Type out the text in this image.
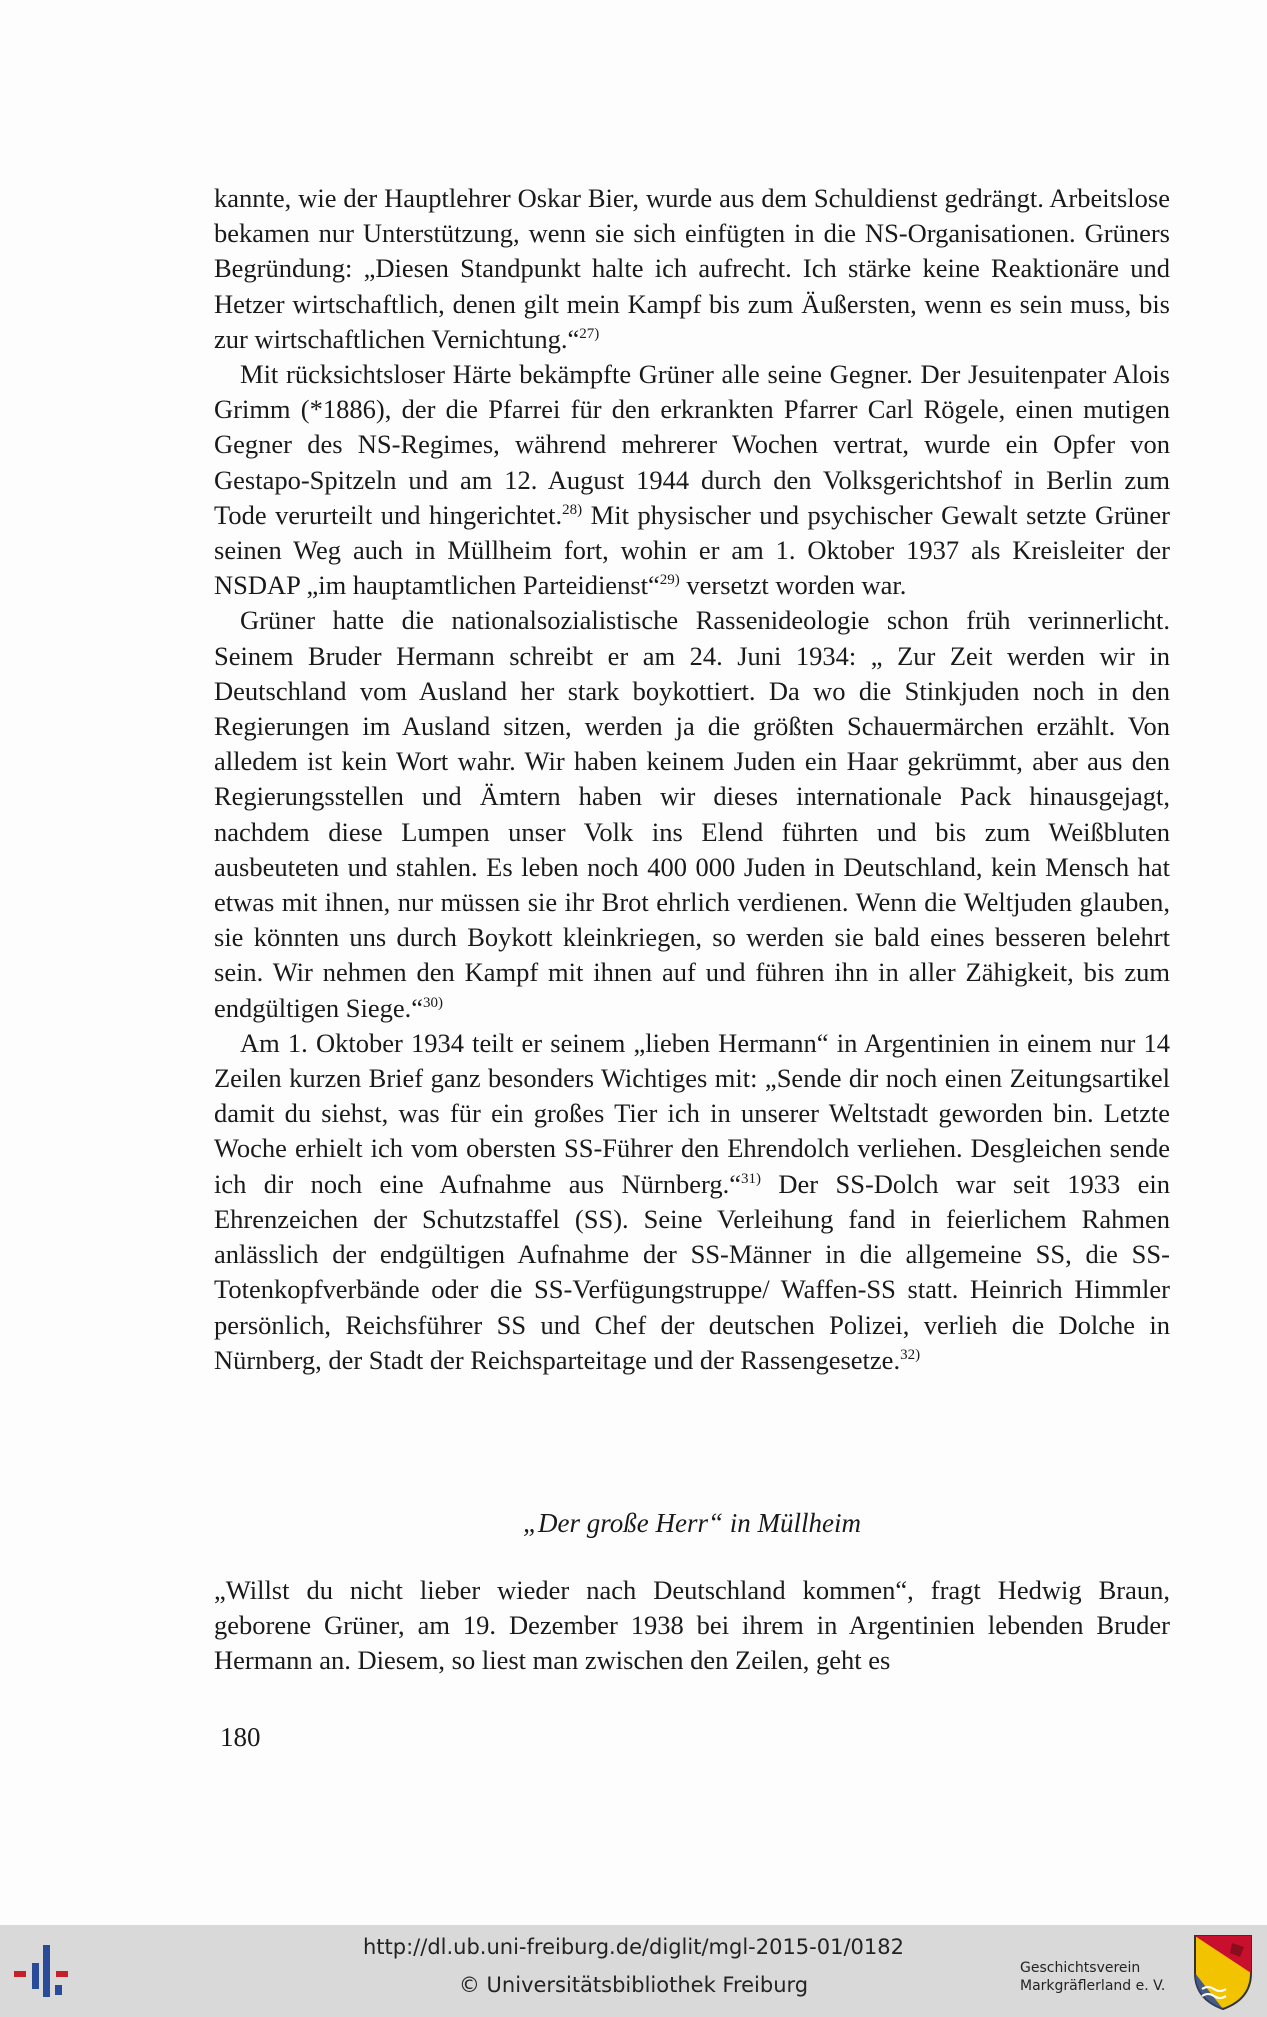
kannte, wie der Hauptlehrer Oskar Bier, wurde aus dem Schuldienst gedrängt. Arbeitslose bekamen nur Unterstützung, wenn sie sich einfügten in die NS-Organisationen. Grüners Begründung: „Diesen Standpunkt halte ich aufrecht. Ich stärke keine Reaktionäre und Hetzer wirtschaftlich, denen gilt mein Kampf bis zum Äußersten, wenn es sein muss, bis zur wirtschaftlichen Vernichtung.“$^{27)}$

Mit rücksichtsloser Härte bekämpfte Grüner alle seine Gegner. Der Jesuitenpater Alois Grimm (*1886), der die Pfarrei für den erkrankten Pfarrer Carl Rögele, einen mutigen Gegner des NS-Regimes, während mehrerer Wochen vertrat, wurde ein Opfer von Gestapo-Spitzeln und am 12. August 1944 durch den Volksgerichtshof in Berlin zum Tode verurteilt und hingerichtet.$^{28)}$ Mit physischer und psychischer Gewalt setzte Grüner seinen Weg auch in Müllheim fort, wohin er am 1. Oktober 1937 als Kreisleiter der NSDAP „im hauptamtlichen Parteidienst“$^{29)}$ versetzt worden war.

Grüner hatte die nationalsozialistische Rassenideologie schon früh verinnerlicht. Seinem Bruder Hermann schreibt er am 24. Juni 1934: „ Zur Zeit werden wir in Deutschland vom Ausland her stark boykottiert. Da wo die Stinkjuden noch in den Regierungen im Ausland sitzen, werden ja die größten Schauermärchen erzählt. Von alledem ist kein Wort wahr. Wir haben keinem Juden ein Haar gekrümmt, aber aus den Regierungsstellen und Ämtern haben wir dieses internationale Pack hinausgejagt, nachdem diese Lumpen unser Volk ins Elend führten und bis zum Weißbluten ausbeuteten und stahlen. Es leben noch 400 000 Juden in Deutschland, kein Mensch hat etwas mit ihnen, nur müssen sie ihr Brot ehrlich verdienen. Wenn die Weltjuden glauben, sie könnten uns durch Boykott kleinkriegen, so werden sie bald eines besseren belehrt sein. Wir nehmen den Kampf mit ihnen auf und führen ihn in aller Zähigkeit, bis zum endgültigen Siege.“$^{30)}$

Am 1. Oktober 1934 teilt er seinem „lieben Hermann“ in Argentinien in einem nur 14 Zeilen kurzen Brief ganz besonders Wichtiges mit: „Sende dir noch einen Zeitungsartikel damit du siehst, was für ein großes Tier ich in unserer Weltstadt geworden bin. Letzte Woche erhielt ich vom obersten SS-Führer den Ehrendolch verliehen. Desgleichen sende ich dir noch eine Aufnahme aus Nürnberg.“$^{31)}$ Der SS-Dolch war seit 1933 ein Ehrenzeichen der Schutzstaffel (SS). Seine Verleihung fand in feierlichem Rahmen anlässlich der endgültigen Aufnahme der SS-Männer in die allgemeine SS, die SS-Totenkopfverbände oder die SS-Verfügungstruppe/ Waffen-SS statt. Heinrich Himmler persönlich, Reichsführer SS und Chef der deutschen Polizei, verlieh die Dolche in Nürnberg, der Stadt der Reichsparteitage und der Rassengesetze.$^{32)}$

„Der große Herr“ in Müllheim

„Willst du nicht lieber wieder nach Deutschland kommen“, fragt Hedwig Braun, geborene Grüner, am 19. Dezember 1938 bei ihrem in Argentinien lebenden Bruder Hermann an. Diesem, so liest man zwischen den Zeilen, geht es

180
http://dl.ub.uni-freiburg.de/diglit/mgl-2015-01/0182
© Universitätsbibliothek Freiburg
Geschichtsverein
Markgräflerland e. V.
